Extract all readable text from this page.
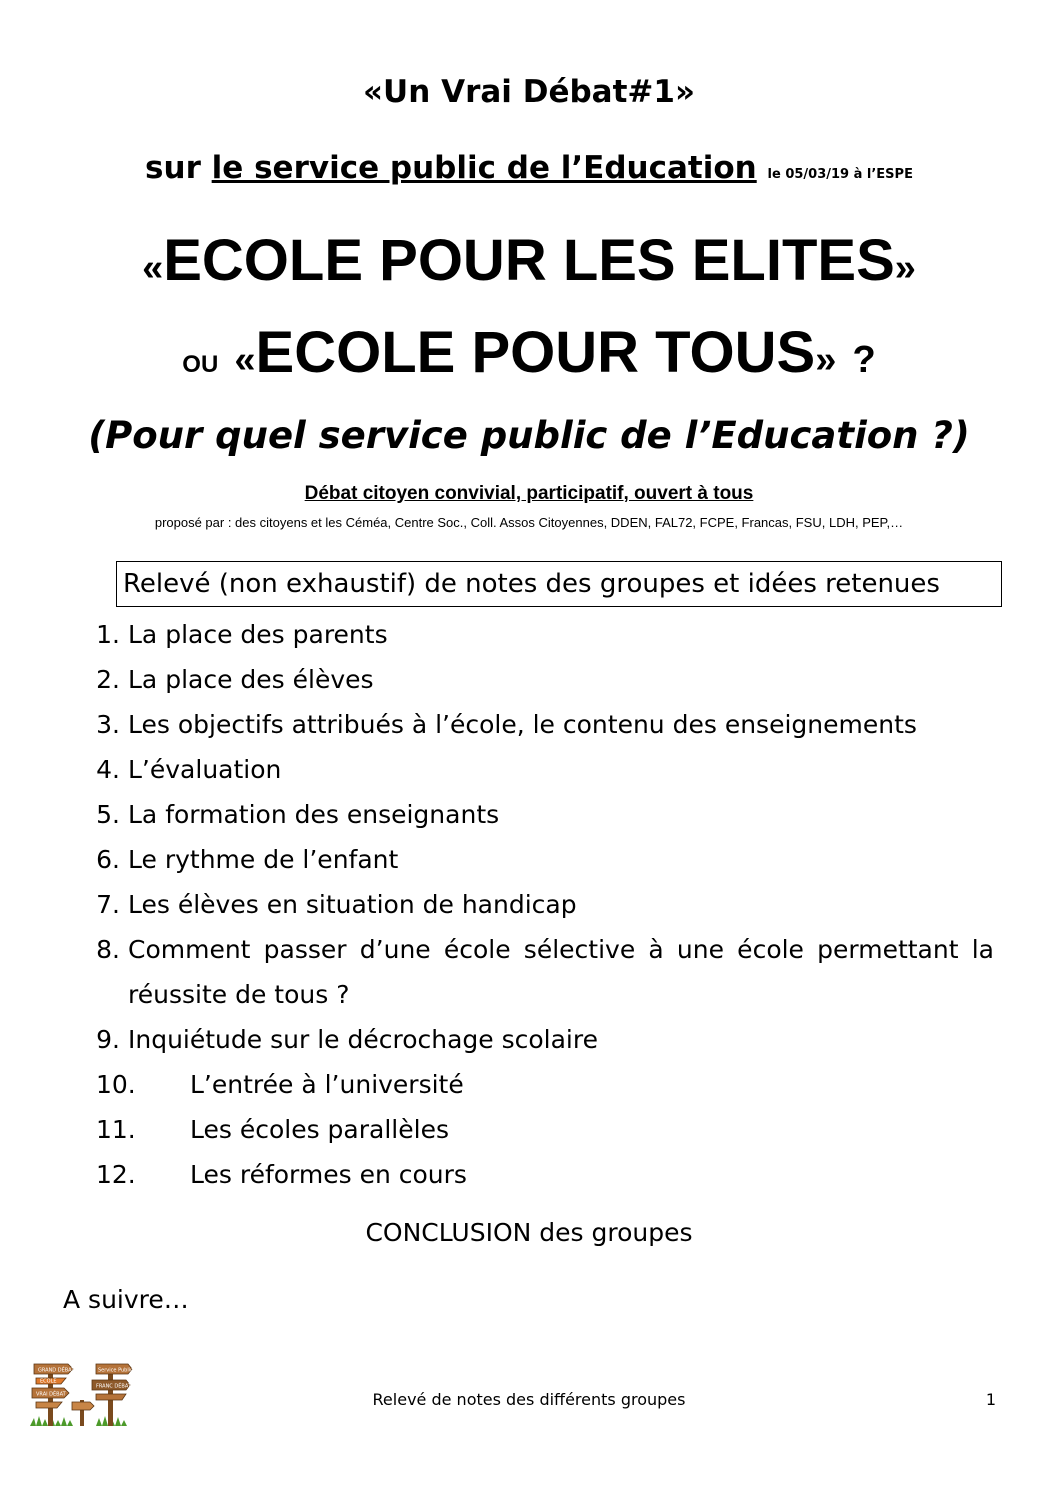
«Un Vrai Débat#1»
sur le service public de l’Education le 05/03/19 à l’ESPE
«ECOLE POUR LES ELITES»
OU «ECOLE POUR TOUS» ?
(Pour quel service public de l’Education ?)
Débat citoyen convivial, participatif, ouvert à tous
proposé par : des citoyens et les Céméa, Centre Soc., Coll. Assos Citoyennes, DDEN, FAL72, FCPE, Francas, FSU, LDH, PEP,…
Relevé (non exhaustif) de notes des groupes et idées retenues
1. La place des parents
2. La place des élèves
3. Les objectifs attribués à l’école, le contenu des enseignements
4. L’évaluation
5. La formation des enseignants
6. Le rythme de l’enfant
7. Les élèves en situation de handicap
8. Comment passer d’une école sélective à une école permettant la
réussite de tous ?
9. Inquiétude sur le décrochage scolaire
10. L’entrée à l’université
11. Les écoles parallèles
12. Les réformes en cours
CONCLUSION des groupes
A suivre…
GRAND DÉBAT	Service Public
ECOLE
FRANC DÉBAT
VRAI DÉBAT	Relevé de notes des différents groupes	1
